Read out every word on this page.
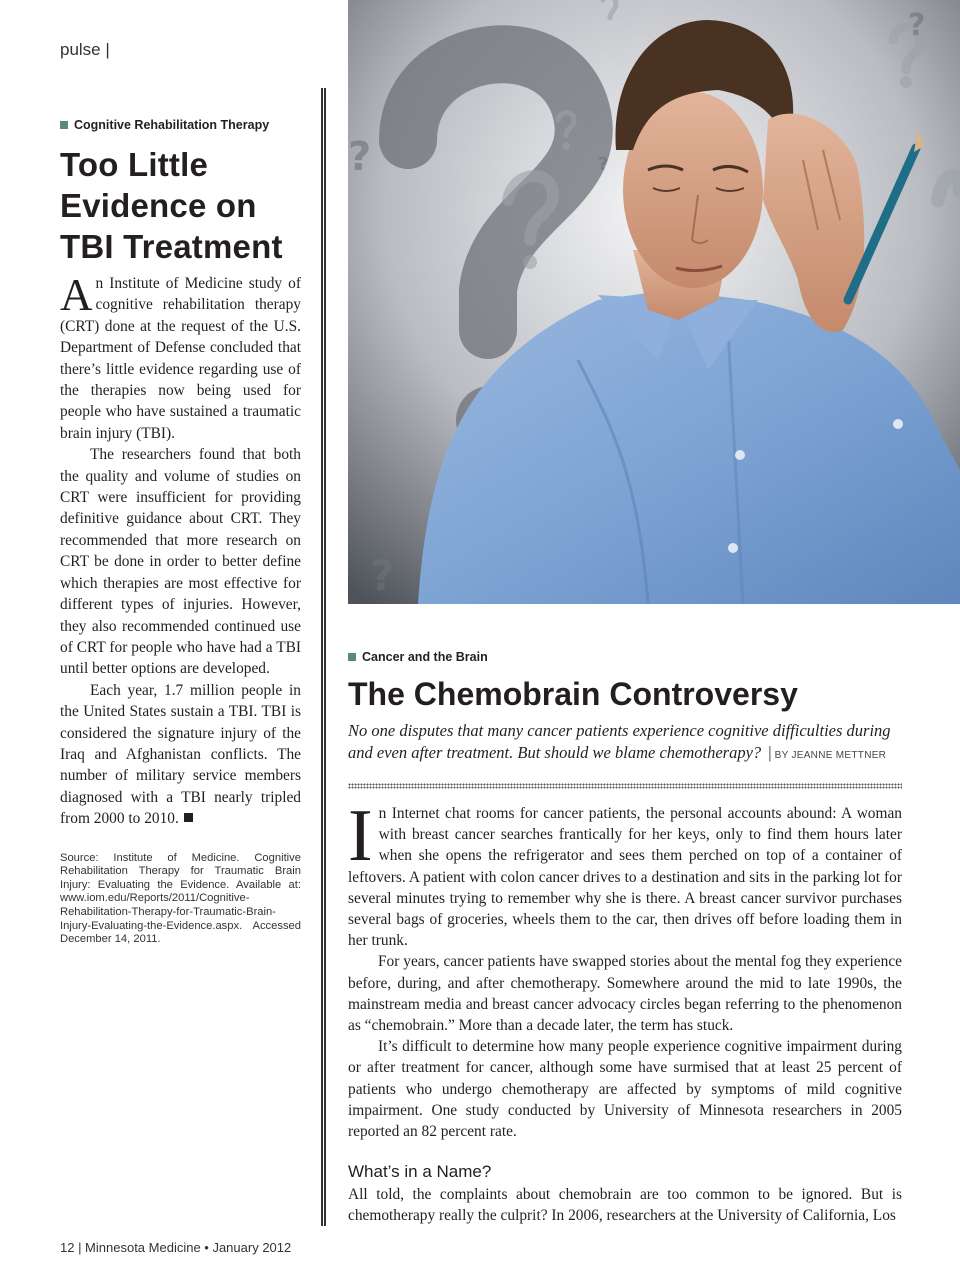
pulse |
Cognitive Rehabilitation Therapy
Too Little Evidence on TBI Treatment

An Institute of Medicine study of cognitive rehabilitation therapy (CRT) done at the request of the U.S. Department of Defense concluded that there’s little evidence regarding use of the therapies now being used for people who have sustained a traumatic brain injury (TBI).

The researchers found that both the quality and volume of studies on CRT were insufficient for providing definitive guidance about CRT. They recommended that more research on CRT be done in order to better define which therapies are most effective for different types of injuries. However, they also recommended continued use of CRT for people who have had a TBI until better options are developed.

Each year, 1.7 million people in the United States sustain a TBI. TBI is considered the signature injury of the Iraq and Afghanistan conflicts. The number of military service members diagnosed with a TBI nearly tripled from 2000 to 2010.

Source: Institute of Medicine. Cognitive Rehabilitation Therapy for Traumatic Brain Injury: Evaluating the Evidence. Available at: www.iom.edu/Reports/2011/Cognitive-Rehabilitation-Therapy-for-Traumatic-Brain-Injury-Evaluating-the-Evidence.aspx. Accessed December 14, 2011.
?
?
?
?
Cancer and the Brain
The Chemobrain Controversy
No one disputes that many cancer patients experience cognitive difficulties during and even after treatment. But should we blame chemotherapy? | BY JEANNE METTNER

In Internet chat rooms for cancer patients, the personal accounts abound: A woman with breast cancer searches frantically for her keys, only to find them hours later when she opens the refrigerator and sees them perched on top of a container of leftovers. A patient with colon cancer drives to a destination and sits in the parking lot for several minutes trying to remember why she is there. A breast cancer survivor purchases several bags of groceries, wheels them to the car, then drives off before loading them in her trunk.

For years, cancer patients have swapped stories about the mental fog they experience before, during, and after chemotherapy. Somewhere around the mid to late 1990s, the mainstream media and breast cancer advocacy circles began referring to the phenomenon as “chemobrain.” More than a decade later, the term has stuck.

It’s difficult to determine how many people experience cognitive impairment during or after treatment for cancer, although some have surmised that at least 25 percent of patients who undergo chemotherapy are affected by symptoms of mild cognitive impairment. One study conducted by University of Minnesota researchers in 2005 reported an 82 percent rate.

What’s in a Name?

All told, the complaints about chemobrain are too common to be ignored. But is chemotherapy really the culprit? In 2006, researchers at the University of California, Los

12 | Minnesota Medicine • January 2012
